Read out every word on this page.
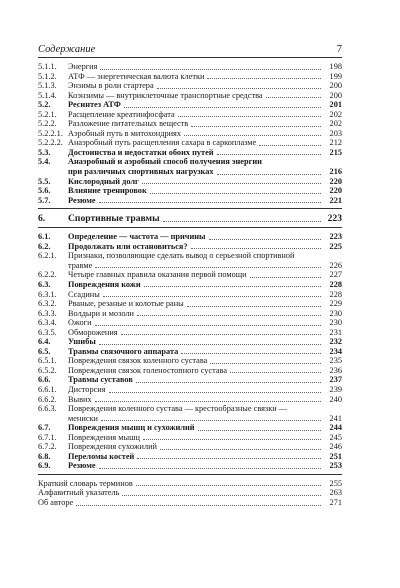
Содержание	7
5.1.1.	Энергия	198
5.1.2.	АТФ — энергетическая валюта клетки	199
5.1.3.	Энзимы в роли стартера	200
5.1.4.	Коэнзимы — внутриклеточные транспортные средства	200
5.2.	Ресинтез АТФ	201
5.2.1.	Расщепление креатинфосфата	202
5.2.2.	Разложение питательных веществ	202
5.2.2.1. Аэробный путь в митохондриях	203
5.2.2.2. Анаэробный путь расщепления сахара в саркоплазме	212
5.3.	Достоинства и недостатки обоих путей	215
5.4.	Анаэробный и аэробный способ получения энергии
при различных спортивных нагрузках	216
5.5.	Кислородный долг	220
5.6.	Влияние тренировок	220
5.7.	Резюме	221
6.	Спортивные травмы	223
6.1.	Определение — частота — причины	223
6.2.	Продолжать или остановиться?	225
6.2.1.	Признаки, позволяющие сделать вывод о серьезной спортивной
травме	226
6.2.2.	Четыре главных правила оказания первой помощи	227
6.3.	Повреждения кожи	228
6.3.1.	Ссадины	228
6.3.2.	Рваные, резаные и колотые раны	229
6.3.3.	Волдыри и мозоли	230
6.3.4.	Ожоги	230
6.3.5.	Обморожения	231
6.4.	Ушибы	232
6.5.	Травмы связочного аппарата	234
6.5.1.	Повреждения связок коленного сустава	235
6.5.2.	Повреждения связок голеностопного сустава	236
6.6.	Травмы суставов	237
6.6.1.	Дисторсия	239
6.6.2.	Вывих	240
6.6.3.	Повреждения коленного сустава — крестообразные связки —
мениски	241
6.7.	Повреждения мышц и сухожилий	244
6.7.1.	Повреждения мышц	245
6.7.2.	Повреждения сухожилий	246
6.8.	Переломы костей	251
6.9.	Резюме	253
Краткий словарь терминов	255
Алфавитный указатель	263
Об авторе	271
